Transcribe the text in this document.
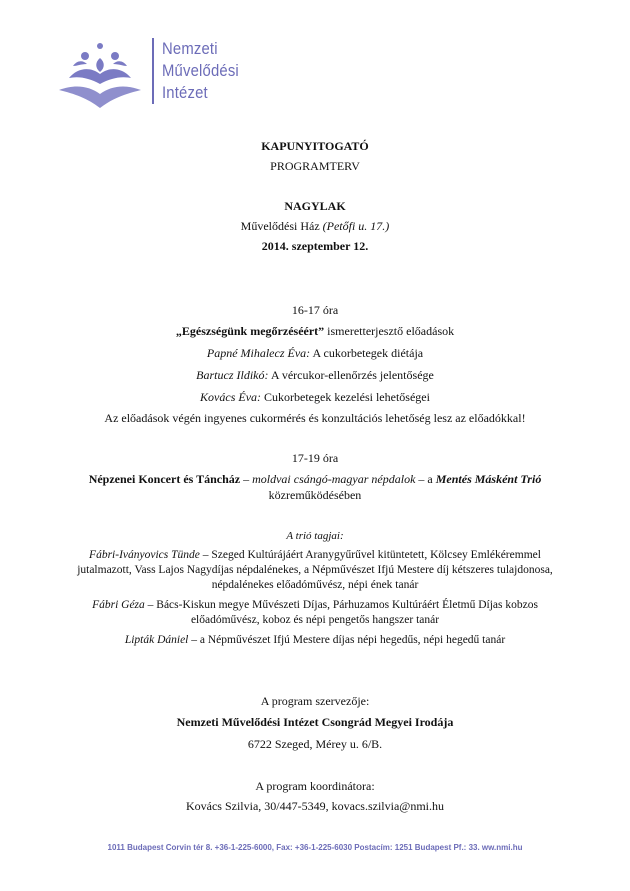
Nemzeti
Művelődési
Intézet
KAPUNYITOGATÓ
PROGRAMTERV
NAGYLAK
Művelődési Ház (Petőfi u. 17.)
2014. szeptember 12.
16-17 óra
„Egészségünk megőrzéséért” ismeretterjesztő előadások
Papné Mihalecz Éva: A cukorbetegek diétája
Bartucz Ildikó: A vércukor-ellenőrzés jelentősége
Kovács Éva: Cukorbetegek kezelési lehetőségei
Az előadások végén ingyenes cukormérés és konzultációs lehetőség lesz az előadókkal!
17-19 óra
Népzenei Koncert és Táncház – moldvai csángó-magyar népdalok – a Mentés Másként Trió
közreműködésében
A trió tagjai:
Fábri-Iványovics Tünde – Szeged Kultúrájáért Aranygyűrűvel kitüntetett, Kölcsey Emlékéremmel jutalmazott, Vass Lajos Nagydíjas népdalénekes, a Népművészet Ifjú Mestere díj kétszeres tulajdonosa, népdalénekes előadóművész, népi ének tanár
Fábri Géza – Bács-Kiskun megye Művészeti Díjas, Párhuzamos Kultúráért Életmű Díjas kobzos előadóművész, koboz és népi pengetős hangszer tanár
Lipták Dániel – a Népművészet Ifjú Mestere díjas népi hegedűs, népi hegedű tanár
A program szervezője:
Nemzeti Művelődési Intézet Csongrád Megyei Irodája
6722 Szeged, Mérey u. 6/B.
A program koordinátora:
Kovács Szilvia, 30/447-5349, kovacs.szilvia@nmi.hu
1011 Budapest Corvin tér 8. +36-1-225-6000, Fax: +36-1-225-6030 Postacím: 1251 Budapest Pf.: 33. ww.nmi.hu
